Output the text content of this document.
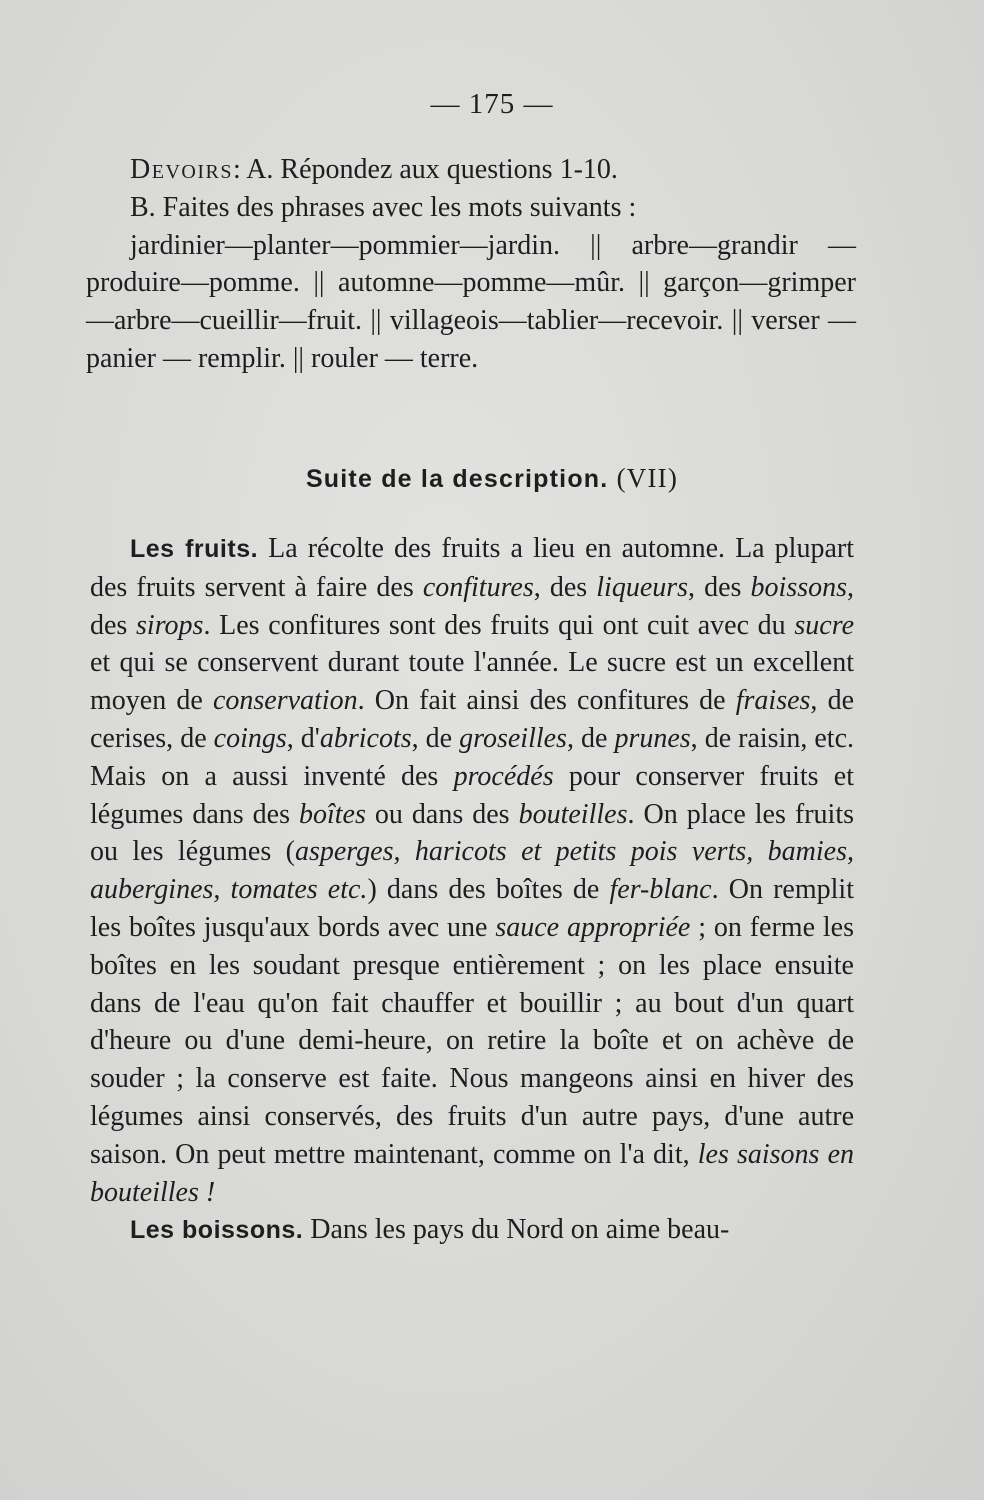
— 175 —

Devoirs: A. Répondez aux questions 1-10.

B. Faites des phrases avec les mots suivants :

jardinier—planter—pommier—jardin. || arbre—grandir —produire—pomme. || automne—pomme—mûr. || garçon—grimper—arbre—cueillir—fruit. || villageois—tablier—recevoir. || verser — panier — remplir. || rouler — terre.

Suite de la description. (VII)

Les fruits. La récolte des fruits a lieu en automne. La plupart des fruits servent à faire des confitures, des liqueurs, des boissons, des sirops. Les confitures sont des fruits qui ont cuit avec du sucre et qui se conservent durant toute l'année. Le sucre est un excellent moyen de conservation. On fait ainsi des confitures de fraises, de cerises, de coings, d'abricots, de groseilles, de prunes, de raisin, etc. Mais on a aussi inventé des procédés pour conserver fruits et légumes dans des boîtes ou dans des bouteilles. On place les fruits ou les légumes (asperges, haricots et petits pois verts, bamies, aubergines, tomates etc.) dans des boîtes de fer-blanc. On remplit les boîtes jusqu'aux bords avec une sauce appropriée ; on ferme les boîtes en les soudant presque entièrement ; on les place ensuite dans de l'eau qu'on fait chauffer et bouillir ; au bout d'un quart d'heure ou d'une demi-heure, on retire la boîte et on achève de souder ; la conserve est faite. Nous mangeons ainsi en hiver des légumes ainsi conservés, des fruits d'un autre pays, d'une autre saison. On peut mettre maintenant, comme on l'a dit, les saisons en bouteilles !

Les boissons. Dans les pays du Nord on aime beau-
